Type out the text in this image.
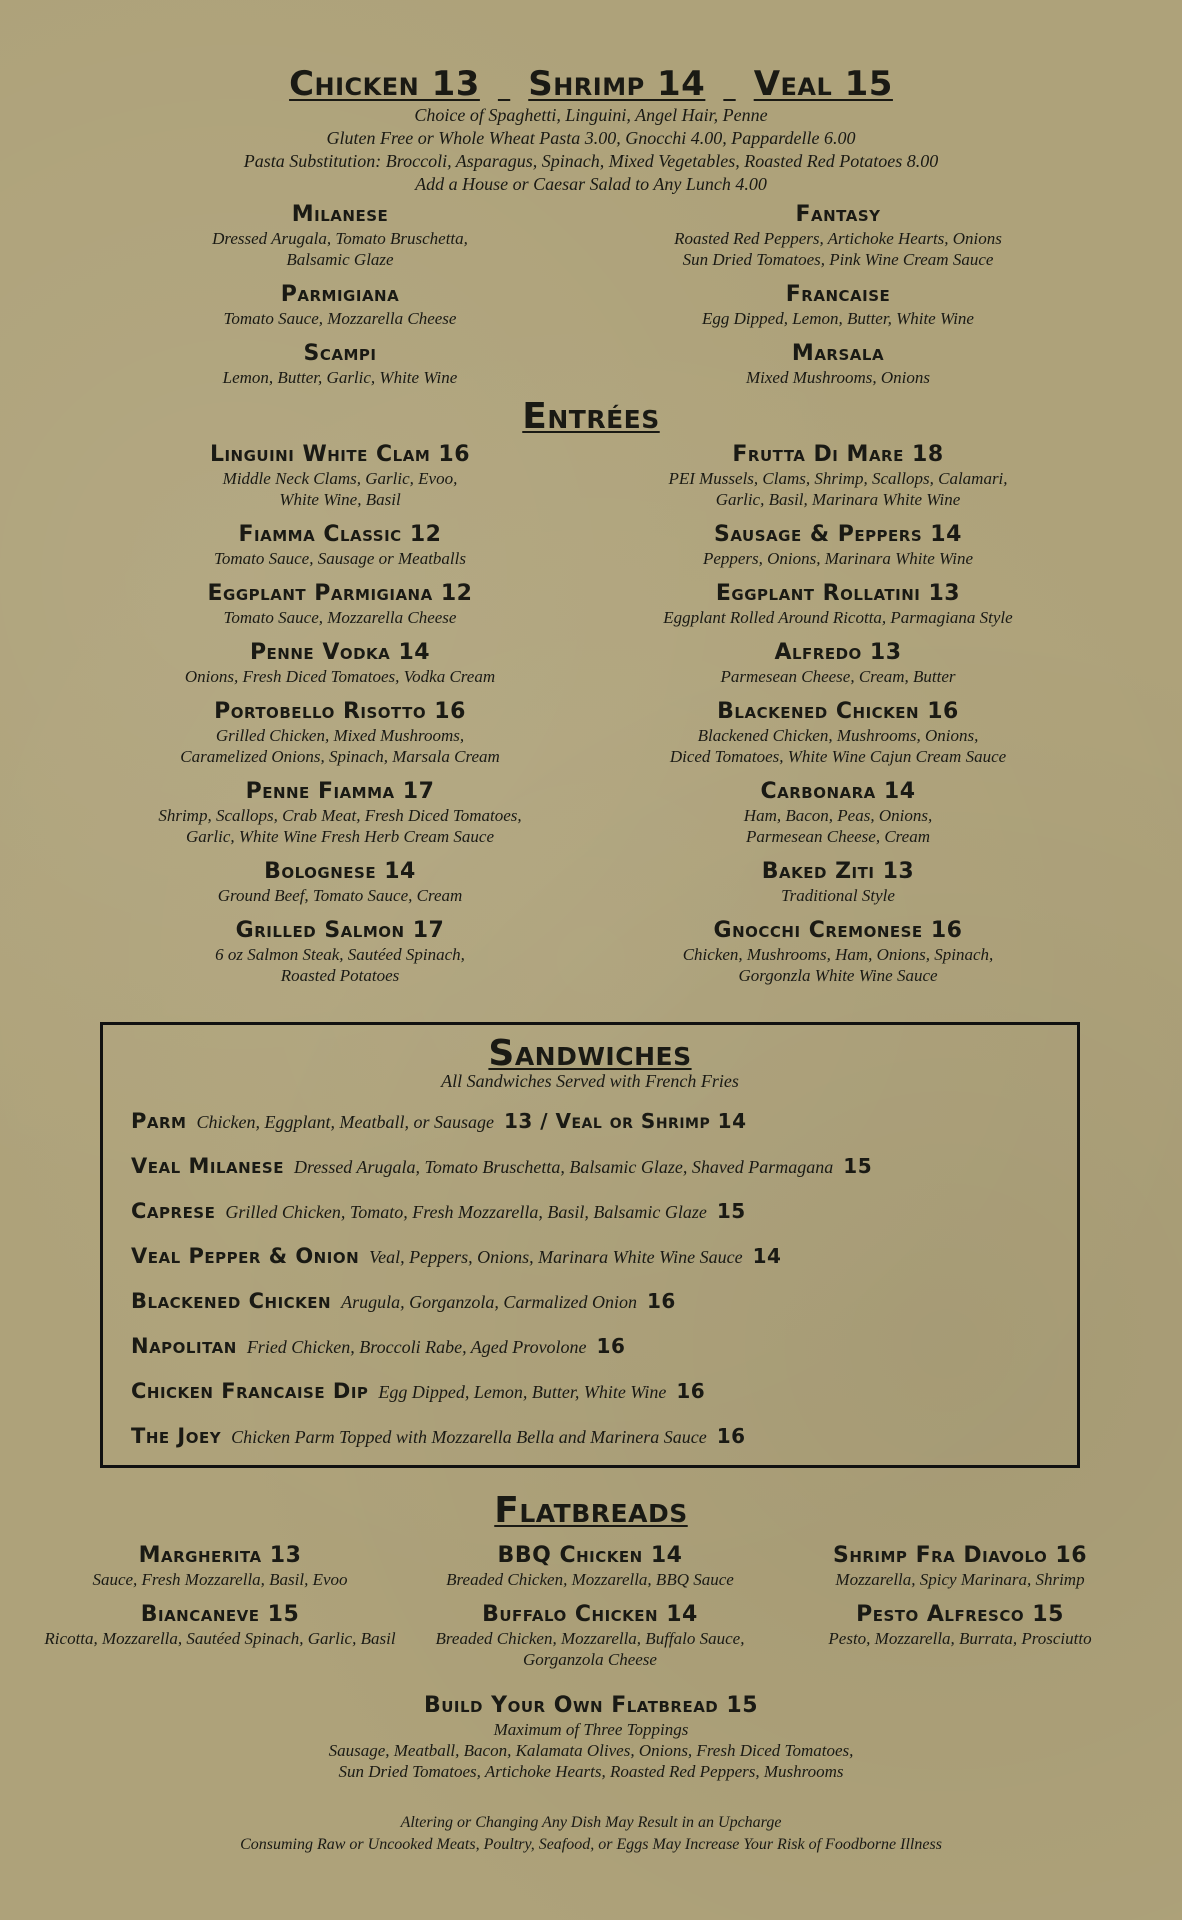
Chicken 13 Shrimp 14 Veal 15
Choice of Spaghetti, Linguini, Angel Hair, Penne
Gluten Free or Whole Wheat Pasta 3.00, Gnocchi 4.00, Pappardelle 6.00
Pasta Substitution: Broccoli, Asparagus, Spinach, Mixed Vegetables, Roasted Red Potatoes 8.00
Add a House or Caesar Salad to Any Lunch 4.00
Milanese
Dressed Arugala, Tomato Bruschetta,
Balsamic Glaze
Parmigiana
Tomato Sauce, Mozzarella Cheese
Scampi
Lemon, Butter, Garlic, White Wine
Fantasy
Roasted Red Peppers, Artichoke Hearts, Onions
Sun Dried Tomatoes, Pink Wine Cream Sauce
Francaise
Egg Dipped, Lemon, Butter, White Wine
Marsala
Mixed Mushrooms, Onions
Entrées
Linguini White Clam 16
Middle Neck Clams, Garlic, Evoo,
White Wine, Basil
Fiamma Classic 12
Tomato Sauce, Sausage or Meatballs
Eggplant Parmigiana 12
Tomato Sauce, Mozzarella Cheese
Penne Vodka 14
Onions, Fresh Diced Tomatoes, Vodka Cream
Portobello Risotto 16
Grilled Chicken, Mixed Mushrooms,
Caramelized Onions, Spinach, Marsala Cream
Penne Fiamma 17
Shrimp, Scallops, Crab Meat, Fresh Diced Tomatoes,
Garlic, White Wine Fresh Herb Cream Sauce
Bolognese 14
Ground Beef, Tomato Sauce, Cream
Grilled Salmon 17
6 oz Salmon Steak, Sautéed Spinach,
Roasted Potatoes
Frutta Di Mare 18
PEI Mussels, Clams, Shrimp, Scallops, Calamari,
Garlic, Basil, Marinara White Wine
Sausage & Peppers 14
Peppers, Onions, Marinara White Wine
Eggplant Rollatini 13
Eggplant Rolled Around Ricotta, Parmagiana Style
Alfredo 13
Parmesean Cheese, Cream, Butter
Blackened Chicken 16
Blackened Chicken, Mushrooms, Onions,
Diced Tomatoes, White Wine Cajun Cream Sauce
Carbonara 14
Ham, Bacon, Peas, Onions,
Parmesean Cheese, Cream
Baked Ziti 13
Traditional Style
Gnocchi Cremonese 16
Chicken, Mushrooms, Ham, Onions, Spinach,
Gorgonzla White Wine Sauce
Sandwiches
All Sandwiches Served with French Fries
Parm Chicken, Eggplant, Meatball, or Sausage 13 / Veal or Shrimp 14
Veal Milanese Dressed Arugala, Tomato Bruschetta, Balsamic Glaze, Shaved Parmagana 15
Caprese Grilled Chicken, Tomato, Fresh Mozzarella, Basil, Balsamic Glaze 15
Veal Pepper & Onion Veal, Peppers, Onions, Marinara White Wine Sauce 14
Blackened Chicken Arugula, Gorganzola, Carmalized Onion 16
Napolitan Fried Chicken, Broccoli Rabe, Aged Provolone 16
Chicken Francaise Dip Egg Dipped, Lemon, Butter, White Wine 16
The Joey Chicken Parm Topped with Mozzarella Bella and Marinera Sauce 16
Flatbreads
Margherita 13
Sauce, Fresh Mozzarella, Basil, Evoo
Biancaneve 15
Ricotta, Mozzarella, Sautéed Spinach, Garlic, Basil
BBQ Chicken 14
Breaded Chicken, Mozzarella, BBQ Sauce
Buffalo Chicken 14
Breaded Chicken, Mozzarella, Buffalo Sauce,
Gorganzola Cheese
Shrimp Fra Diavolo 16
Mozzarella, Spicy Marinara, Shrimp
Pesto Alfresco 15
Pesto, Mozzarella, Burrata, Prosciutto
Build Your Own Flatbread 15
Maximum of Three Toppings
Sausage, Meatball, Bacon, Kalamata Olives, Onions, Fresh Diced Tomatoes,
Sun Dried Tomatoes, Artichoke Hearts, Roasted Red Peppers, Mushrooms
Altering or Changing Any Dish May Result in an Upcharge
Consuming Raw or Uncooked Meats, Poultry, Seafood, or Eggs May Increase Your Risk of Foodborne Illness
